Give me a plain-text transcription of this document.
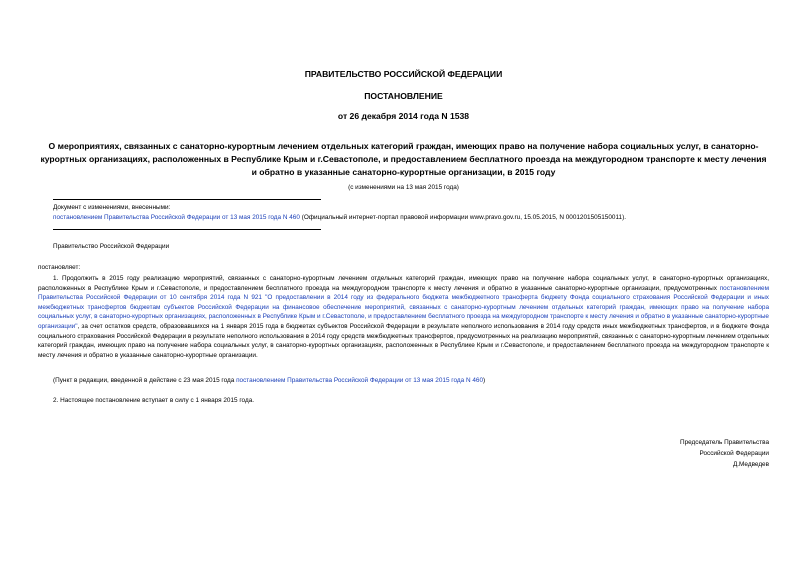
ПРАВИТЕЛЬСТВО РОССИЙСКОЙ ФЕДЕРАЦИИ
ПОСТАНОВЛЕНИЕ
от 26 декабря 2014 года N 1538
О мероприятиях, связанных с санаторно-курортным лечением отдельных категорий граждан, имеющих право на получение набора социальных услуг, в санаторно-курортных организациях, расположенных в Республике Крым и г.Севастополе, и предоставлением бесплатного проезда на междугородном транспорте к месту лечения и обратно в указанные санаторно-курортные организации, в 2015 году
(с изменениями на 13 мая 2015 года)
Документ с изменениями, внесенными:
постановлением Правительства Российской Федерации от 13 мая 2015 года N 460 (Официальный интернет-портал правовой информации www.pravo.gov.ru, 15.05.2015, N 0001201505150011).
Правительство Российской Федерации
постановляет:
1. Продолжить в 2015 году реализацию мероприятий, связанных с санаторно-курортным лечением отдельных категорий граждан, имеющих право на получение набора социальных услуг, в санаторно-курортных организациях, расположенных в Республике Крым и г.Севастополе, и предоставлением бесплатного проезда на междугородном транспорте к месту лечения и обратно в указанные санаторно-курортные организации, предусмотренных постановлением Правительства Российской Федерации от 10 сентября 2014 года N 921 "О предоставлении в 2014 году из федерального бюджета межбюджетного трансферта бюджету Фонда социального страхования Российской Федерации и иных межбюджетных трансфертов бюджетам субъектов Российской Федерации на финансовое обеспечение мероприятий, связанных с санаторно-курортным лечением отдельных категорий граждан, имеющих право на получение набора социальных услуг, в санаторно-курортных организациях, расположенных в Республике Крым и г.Севастополе, и предоставлением бесплатного проезда на междугородном транспорте к месту лечения и обратно в указанные санаторно-курортные организации", за счет остатков средств, образовавшихся на 1 января 2015 года в бюджетах субъектов Российской Федерации в результате неполного использования в 2014 году средств иных межбюджетных трансфертов, и в бюджете Фонда социального страхования Российской Федерации в результате неполного использования в 2014 году средств межбюджетных трансфертов, предусмотренных на реализацию мероприятий, связанных с санаторно-курортным лечением отдельных категорий граждан, имеющих право на получение набора социальных услуг, в санаторно-курортных организациях, расположенных в Республике Крым и г.Севастополе, и предоставлением бесплатного проезда на междугородном транспорте к месту лечения и обратно в указанные санаторно-курортные организации.
(Пункт в редакции, введенной в действие с 23 мая 2015 года постановлением Правительства Российской Федерации от 13 мая 2015 года N 460)
2. Настоящее постановление вступает в силу с 1 января 2015 года.
Председатель Правительства
Российской Федерации
Д.Медведев
